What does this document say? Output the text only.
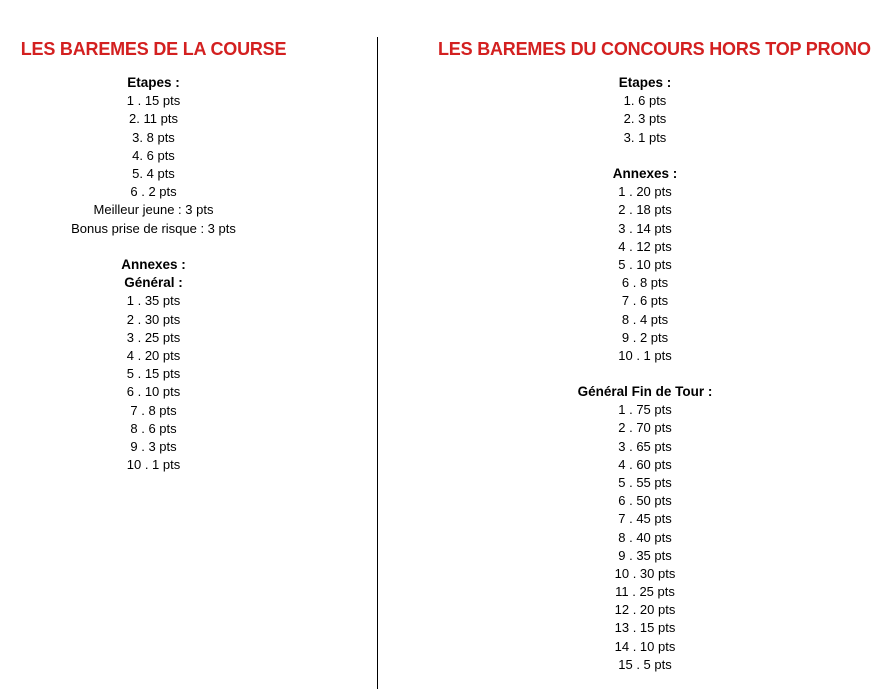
LES BAREMES DE LA COURSE
Etapes :
1 . 15 pts
2. 11 pts
3. 8 pts
4. 6 pts
5. 4 pts
6 . 2 pts
Meilleur jeune : 3 pts
Bonus prise de risque : 3 pts
Annexes :
Général :
1 . 35 pts
2 . 30 pts
3 . 25 pts
4 . 20 pts
5 . 15 pts
6 . 10 pts
7 . 8 pts
8 . 6 pts
9 . 3 pts
10 . 1 pts
LES BAREMES DU CONCOURS HORS TOP PRONO
Etapes :
1. 6 pts
2. 3 pts
3. 1 pts
Annexes :
1 . 20 pts
2 . 18 pts
3 . 14 pts
4 . 12 pts
5 . 10 pts
6 . 8 pts
7 . 6 pts
8 . 4 pts
9 . 2 pts
10 . 1 pts
Général Fin de Tour :
1 . 75 pts
2 . 70 pts
3 . 65 pts
4 . 60 pts
5 . 55 pts
6 . 50 pts
7 . 45 pts
8 . 40 pts
9 . 35 pts
10 . 30 pts
11 . 25 pts
12 . 20 pts
13 . 15 pts
14 . 10 pts
15 . 5 pts
